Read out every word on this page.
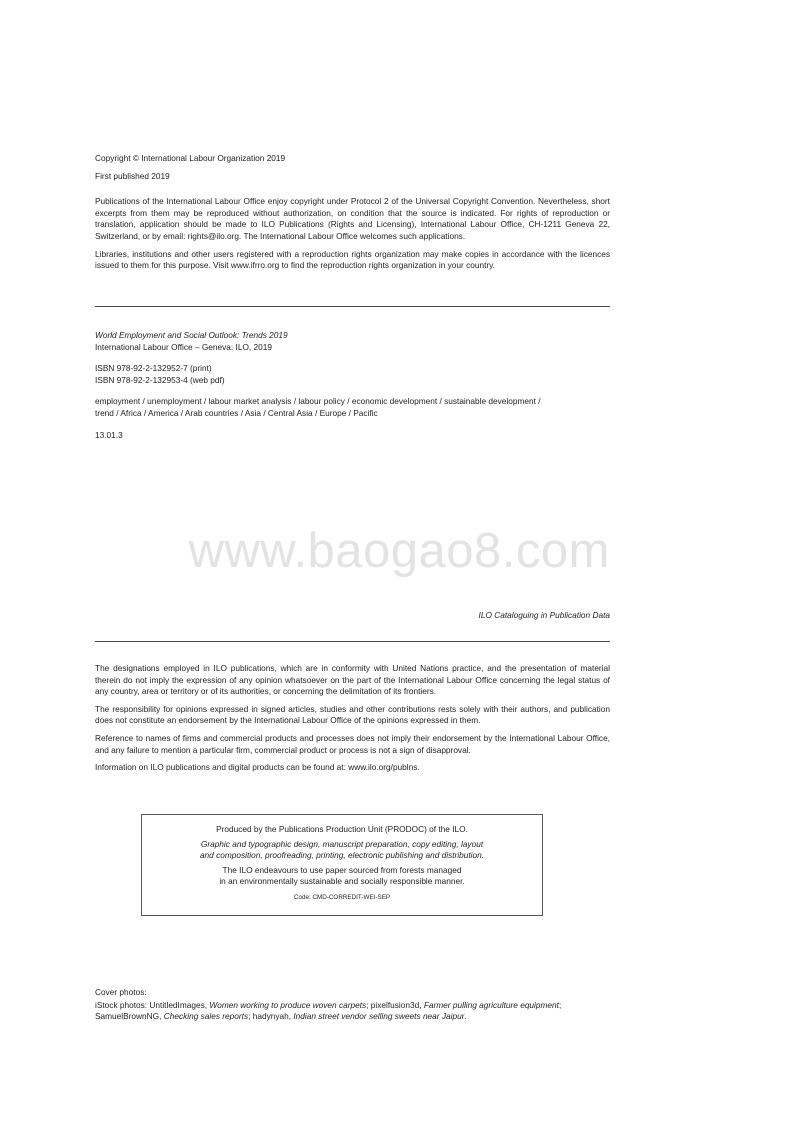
Copyright © International Labour Organization 2019

First published 2019

Publications of the International Labour Office enjoy copyright under Protocol 2 of the Universal Copyright Convention. Nevertheless, short excerpts from them may be reproduced without authorization, on condition that the source is indicated. For rights of reproduction or translation, application should be made to ILO Publications (Rights and Licensing), International Labour Office, CH-1211 Geneva 22, Switzerland, or by email: rights@ilo.org. The International Labour Office welcomes such applications.

Libraries, institutions and other users registered with a reproduction rights organization may make copies in accordance with the licences issued to them for this purpose. Visit www.ifrro.org to find the reproduction rights organization in your country.

World Employment and Social Outlook: Trends 2019

International Labour Office – Geneva: ILO, 2019

ISBN 978-92-2-132952-7 (print)

ISBN 978-92-2-132953-4 (web pdf)

employment / unemployment / labour market analysis / labour policy / economic development / sustainable development /

trend / Africa / America / Arab countries / Asia / Central Asia / Europe / Pacific

13.01.3

www.baogao8.com
ILO Cataloguing in Publication Data

The designations employed in ILO publications, which are in conformity with United Nations practice, and the presentation of material therein do not imply the expression of any opinion whatsoever on the part of the International Labour Office concerning the legal status of any country, area or territory or of its authorities, or concerning the delimitation of its frontiers.

The responsibility for opinions expressed in signed articles, studies and other contributions rests solely with their authors, and publication does not constitute an endorsement by the International Labour Office of the opinions expressed in them.

Reference to names of firms and commercial products and processes does not imply their endorsement by the International Labour Office, and any failure to mention a particular firm, commercial product or process is not a sign of disapproval.

Information on ILO publications and digital products can be found at: www.ilo.org/publns.

Produced by the Publications Production Unit (PRODOC) of the ILO.

Graphic and typographic design, manuscript preparation, copy editing, layout

and composition, proofreading, printing, electronic publishing and distribution.

The ILO endeavours to use paper sourced from forests managed

in an environmentally sustainable and socially responsible manner.

Code: CMD-CORREDIT-WEI-SEP

Cover photos:

iStock photos: UntitledImages, Women working to produce woven carpets; pixelfusion3d, Farmer pulling agriculture equipment;

SamuelBrownNG, Checking sales reports; hadynyah, Indian street vendor selling sweets near Jaipur.
